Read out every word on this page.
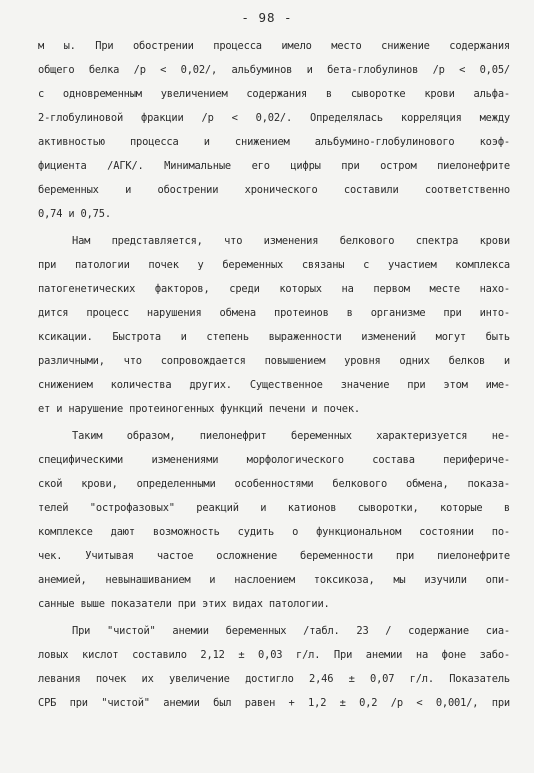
- 98 -
м ы. При обострении процесса имело место снижение содержания
общего белка /р < 0,02/, альбуминов и бета-глобулинов /р < 0,05/
с одновременным увеличением содержания в сыворотке крови альфа-
2-глобулиновой фракции /р < 0,02/. Определялась корреляция между
активностью процесса и снижением альбумино-глобулинового коэф-
фициента /АГК/. Минимальные его цифры при остром пиелонефрите
беременных и обострении хронического составили соответственно
0,74 и 0,75.
Нам представляется, что изменения белкового спектра крови
при патологии почек у беременных связаны с участием комплекса
патогенетических факторов, среди которых на первом месте нахо-
дится процесс нарушения обмена протеинов в организме при инто-
ксикации. Быстрота и степень выраженности изменений могут быть
различными, что сопровождается повышением уровня одних белков и
снижением количества других. Существенное значение при этом име-
ет и нарушение протеиногенных функций печени и почек.
Таким образом, пиелонефрит беременных характеризуется не-
специфическими изменениями морфологического состава перифериче-
ской крови, определенными особенностями белкового обмена, показа-
телей "острофазовых" реакций и катионов сыворотки, которые в
комплексе дают возможность судить о функциональном состоянии по-
чек. Учитывая частое осложнение беременности при пиелонефрите
анемией, невынашиванием и наслоением токсикоза, мы изучили опи-
санные выше показатели при этих видах патологии.
При "чистой" анемии беременных /табл. 23 / содержание сиа-
ловых кислот составило 2,12 ± 0,03 г/л. При анемии на фоне забо-
левания почек их увеличение достигло 2,46 ± 0,07 г/л. Показатель
СРБ при "чистой" анемии был равен + 1,2 ± 0,2 /р < 0,001/, при
